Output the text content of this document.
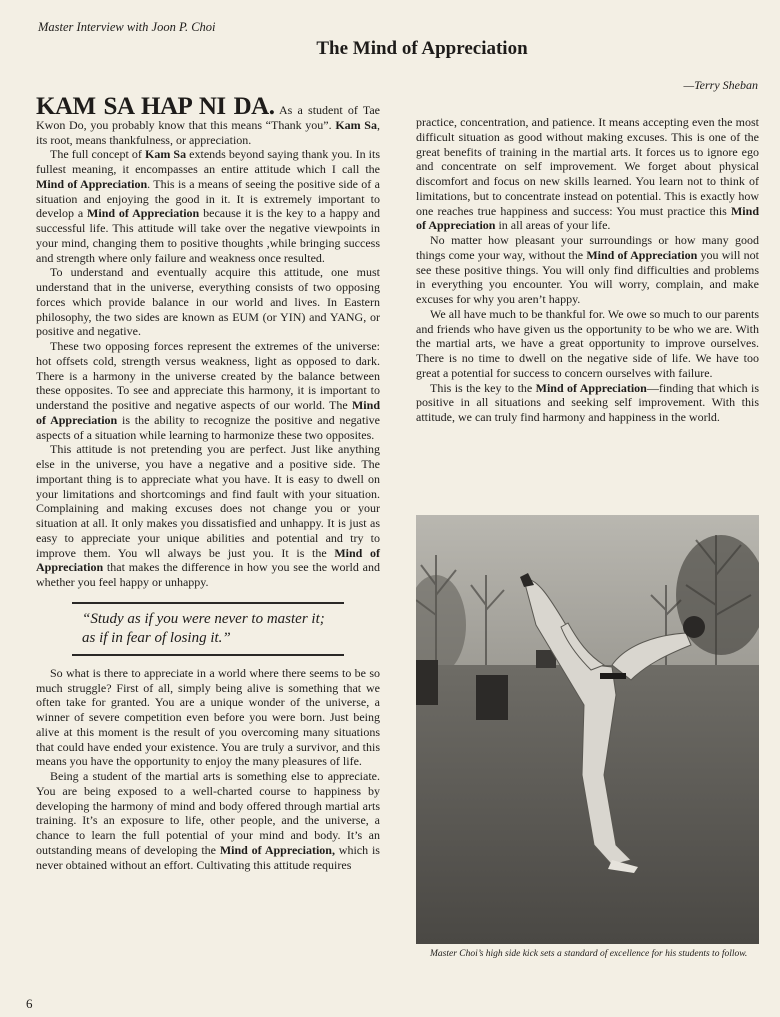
Master Interview with Joon P. Choi
The Mind of Appreciation
—Terry Sheban

KAM SA HAP NI DA. As a student of Tae Kwon Do, you probably know that this means “Thank you”. Kam Sa, its root, means thankfulness, or appreciation.

The full concept of Kam Sa extends beyond saying thank you. In its fullest meaning, it encompasses an entire attitude which I call the Mind of Appreciation. This is a means of seeing the positive side of a situation and enjoying the good in it. It is extremely important to develop a Mind of Appreciation because it is the key to a happy and successful life. This attitude will take over the negative viewpoints in your mind, changing them to positive thoughts ,while bringing success and strength where only failure and weakness once resulted.

To understand and eventually acquire this attitude, one must understand that in the universe, everything consists of two opposing forces which provide balance in our world and lives. In Eastern philosophy, the two sides are known as EUM (or YIN) and YANG, or positive and negative.

These two opposing forces represent the extremes of the universe: hot offsets cold, strength versus weakness, light as opposed to dark. There is a harmony in the universe created by the balance between these opposites. To see and appreciate this harmony, it is important to understand the positive and negative aspects of our world. The Mind of Appreciation is the ability to recognize the positive and negative aspects of a situation while learning to harmonize these two opposites.

This attitude is not pretending you are perfect. Just like anything else in the universe, you have a negative and a positive side. The important thing is to appreciate what you have. It is easy to dwell on your limitations and shortcomings and find fault with your situation. Complaining and making excuses does not change you or your situation at all. It only makes you dissatisfied and unhappy. It is just as easy to appreciate your unique abilities and potential and try to improve them. You wll always be just you. It is the Mind of Appreciation that makes the difference in how you see the world and whether you feel happy or unhappy.

“Study as if you were never to master it;
as if in fear of losing it.”

So what is there to appreciate in a world where there seems to be so much struggle? First of all, simply being alive is something that we often take for granted. You are a unique wonder of the universe, a winner of severe competition even before you were born. Just being alive at this moment is the result of you overcoming many situations that could have ended your existence. You are truly a survivor, and this means you have the opportunity to enjoy the many pleasures of life.

Being a student of the martial arts is something else to appreciate. You are being exposed to a well-charted course to happiness by developing the harmony of mind and body offered through martial arts training. It’s an exposure to life, other people, and the universe, a chance to learn the full potential of your mind and body. It’s an outstanding means of developing the Mind of Appreciation, which is never obtained without an effort. Cultivating this attitude requires

practice, concentration, and patience. It means accepting even the most difficult situation as good without making excuses. This is one of the great benefits of training in the martial arts. It forces us to ignore ego and concentrate on self improvement. We forget about physical discomfort and focus on new skills learned. You learn not to think of limitations, but to concentrate instead on potential. This is exactly how one reaches true happiness and success: You must practice this Mind of Appreciation in all areas of your life.

No matter how pleasant your surroundings or how many good things come your way, without the Mind of Appreciation you will not see these positive things. You will only find difficulties and problems in everything you encounter. You will worry, complain, and make excuses for why you aren’t happy.

We all have much to be thankful for. We owe so much to our parents and friends who have given us the opportunity to be who we are. With the martial arts, we have a great opportunity to improve ourselves. There is no time to dwell on the negative side of life. We have too great a potential for success to concern ourselves with failure.

This is the key to the Mind of Appreciation—finding that which is positive in all situations and seeking self improvement. With this attitude, we can truly find harmony and happiness in the world.

Master Choi’s high side kick sets a standard of excellence for his students to follow.
6
